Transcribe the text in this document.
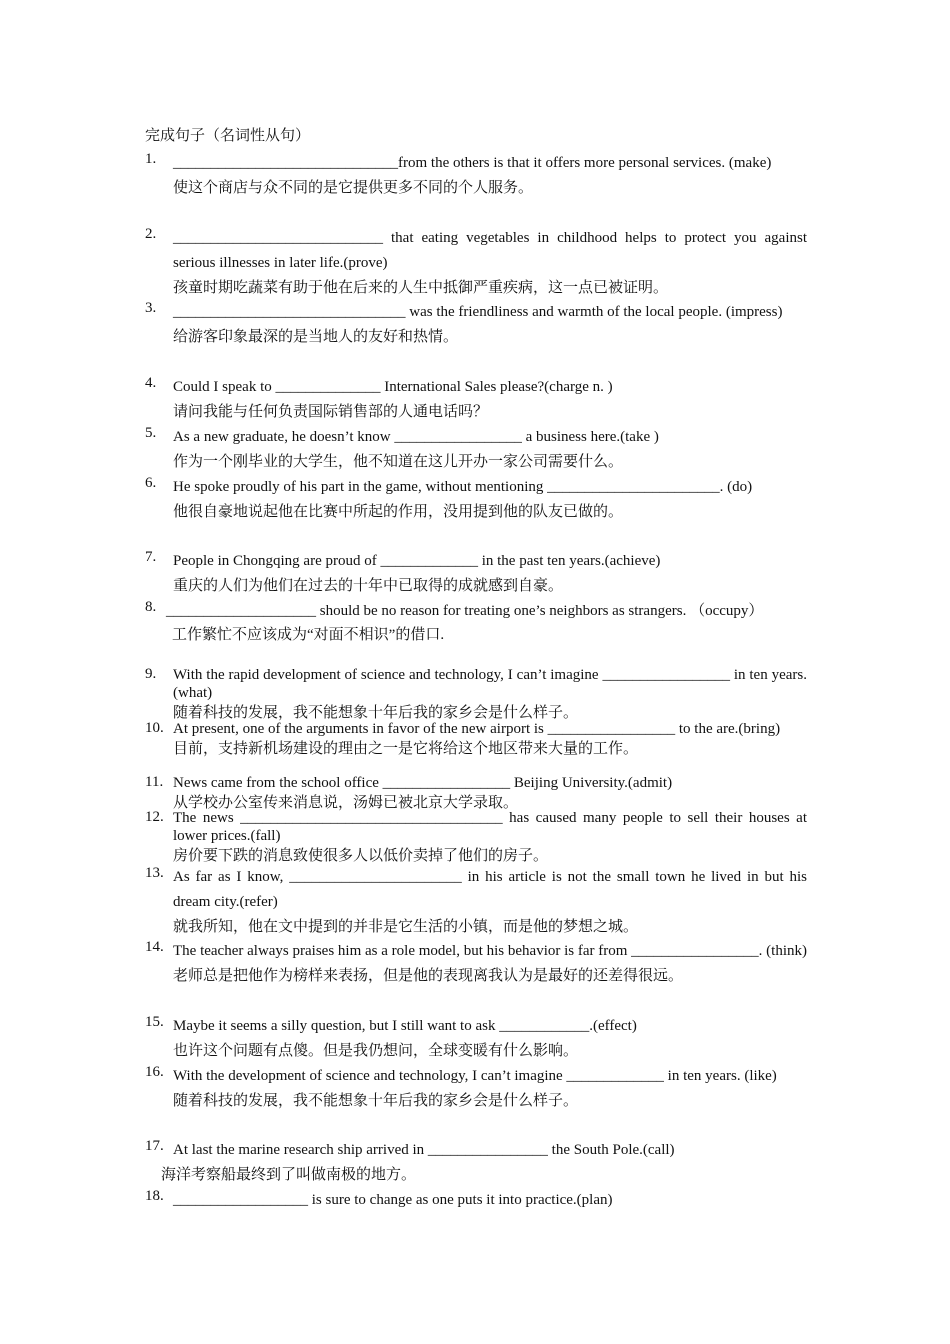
完成句子（名词性从句）
1. ______________________________from the others is that it offers more personal services. (make)
使这个商店与众不同的是它提供更多不同的个人服务。
2. ____________________________ that eating vegetables in childhood helps to protect you against serious illnesses in later life.(prove)
孩童时期吃蔬菜有助于他在后来的人生中抵御严重疾病，这一点已被证明。
3. _______________________________ was the friendliness and warmth of the local people. (impress)
给游客印象最深的是当地人的友好和热情。
4. Could I speak to ______________ International Sales please?(charge n. )
请问我能与任何负责国际销售部的人通电话吗？
5. As a new graduate, he doesn’t know _________________ a business here.(take )
作为一个刚毕业的大学生，他不知道在这儿开办一家公司需要什么。
6. He spoke proudly of his part in the game, without mentioning _______________________. (do)
他很自豪地说起他在比赛中所起的作用，没用提到他的队友已做的。
7. People in Chongqing are proud of _____________ in the past ten years.(achieve)
重庆的人们为他们在过去的十年中已取得的成就感到自豪。
8. ____________________ should be no reason for treating one’s neighbors as strangers. （occupy）
工作繁忙不应该成为“对面不相识”的借口.
9. With the rapid development of science and technology, I can’t imagine _________________ in ten years.(what)
随着科技的发展，我不能想象十年后我的家乡会是什么样子。
10. At present, one of the arguments in favor of the new airport is _________________ to the are.(bring)
目前，支持新机场建设的理由之一是它将给这个地区带来大量的工作。
11. News came from the school office _________________ Beijing University.(admit)
从学校办公室传来消息说，汤姆已被北京大学录取。
12. The news ___________________________________ has caused many people to sell their houses at lower prices.(fall)
房价要下跌的消息致使很多人以低价卖掉了他们的房子。
13. As far as I know, _______________________ in his article is not the small town he lived in but his dream city.(refer)
就我所知，他在文中提到的并非是它生活的小镇，而是他的梦想之城。
14. The teacher always praises him as a role model, but his behavior is far from _________________. (think)
老师总是把他作为榜样来表扬，但是他的表现离我认为是最好的还差得很远。
15. Maybe it seems a silly question, but I still want to ask ____________.(effect)
也许这个问题有点傻。但是我仍想问，全球变暖有什么影响。
16. With the development of science and technology, I can’t imagine _____________ in ten years. (like)
随着科技的发展，我不能想象十年后我的家乡会是什么样子。
17. At last the marine research ship arrived in ________________ the South Pole.(call)
海洋考察船最终到了叫做南极的地方。
18. __________________ is sure to change as one puts it into practice.(plan)
